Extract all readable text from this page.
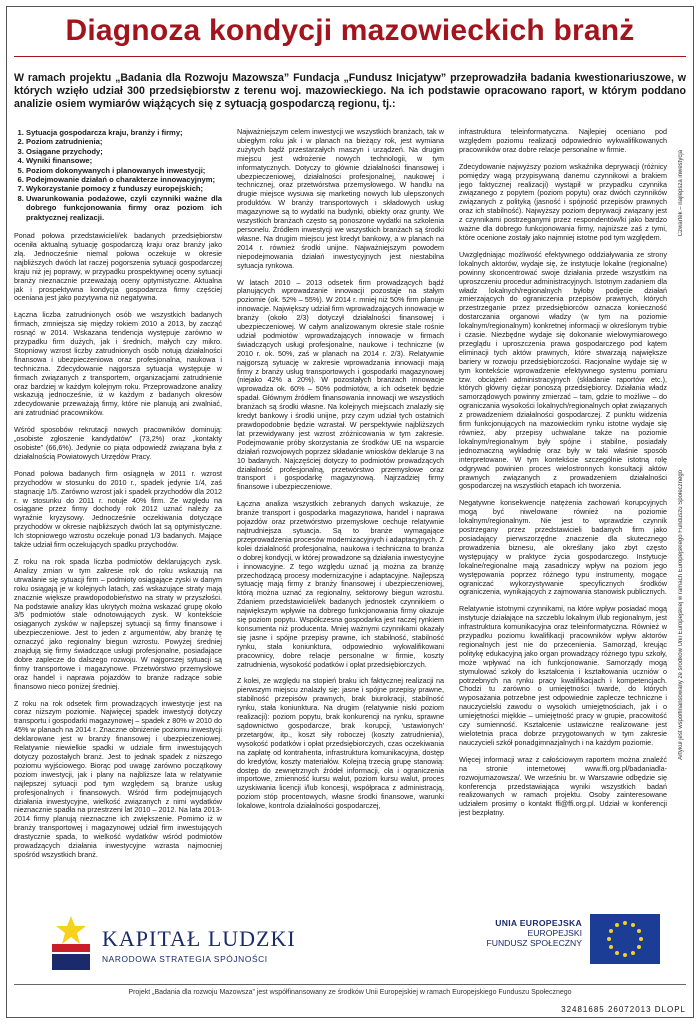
Diagnoza kondycji mazowieckich branż

W ramach projektu „Badania dla Rozwoju Mazowsza” Fundacja „Fundusz Inicjatyw” przeprowadziła badania kwestionariuszowe, w których wzięło udział 300 przedsiębiorstw z terenu woj. mazowieckiego. Na ich podstawie opracowano raport, w którym poddano analizie osiem wymiarów wiążących się z sytuacją gospodarczą regionu, tj.:

1. Sytuacja gospodarcza kraju, branży i firmy;
2. Poziom zatrudnienia;
3. Osiągane przychody;
4. Wyniki finansowe;
5. Poziom dokonywanych i planowanych inwestycji;
6. Podejmowanie działań o charakterze innowacyjnym;
7. Wykorzystanie pomocy z funduszy europejskich;
8. Uwarunkowania podażowe, czyli czynniki ważne dla dobrego funkcjonowania firmy oraz poziom ich praktycznej realizacji.

Ponad połowa przedstawicieli/ek badanych przedsiębiorstw oceniła aktualną sytuację gospodarczą kraju oraz branży jako złą. Jednocześnie niemal połowa oczekuje w okresie najbliższych dwóch lat raczej pogorszenia sytuacji gospodarczej kraju niż jej poprawy, w przypadku prospektywnej oceny sytuacji branży nieznacznie przeważają oceny optymistyczne. Aktualna jak i prospektywna kondycja gospodarcza firmy częściej oceniana jest jako pozytywna niż negatywna.

Łączna liczba zatrudnionych osób we wszystkich badanych firmach, zmniejsza się między rokiem 2010 a 2013, by zacząć rosnąć w 2014. Wskazana tendencja występuje zarówno w przypadku firm dużych, jak i średnich, małych czy mikro. Stopniowy wzrost liczby zatrudnionych osób notują działalności finansowa i ubezpieczeniowa oraz profesjonalna, naukowa i techniczna. Zdecydowanie najgorsza sytuacja występuje w firmach związanych z transportem, organizacjami zatrudnienie oraz bardziej w każdym kolejnym roku. Przeprowadzone analizy wskazują jednocześnie, iż w każdym z badanych okresów zdecydowanie przeważają firmy, które nie planują ani zwalniać, ani zatrudniać pracowników.

Wśród sposobów rekrutacji nowych pracowników dominują: „osobiste zgłoszenie kandydatów” (73,2%) oraz „kontakty osobiste” (66,6%). Jedynie co piąta odpowiedź związana była z działalnością Powiatowych Urzędów Pracy.

Ponad połowa badanych firm osiągnęła w 2011 r. wzrost przychodów w stosunku do 2010 r., spadek jedynie 1/4, zaś stagnację 1/5. Zarówno wzrost jak i spadek przychodów dla 2012 r. w stosunku do 2011 r. notuje 40% firm. Ze względu na osiągane przez firmy dochody rok 2012 uznać należy za wyraźnie kryzysowy. Jednocześnie oczekiwania dotyczące przychodów w okresie najbliższych dwóch lat są optymistyczne. Ich stopniowego wzrostu oczekuje ponad 1/3 badanych. Mające także udział firm oczekujących spadku przychodów.

Z roku na rok spada liczba podmiotów deklarujących zysk. Analizy zmian w tym zakresie rok do roku wskazują na utrwalanie się sytuacji firm – podmioty osiągające zyski w danym roku osiągają je w kolejnych latach, zaś wskazujące straty mają znacznie większe prawdopodobieństwo na straty w przyszłości. Na podstawie analizy klas ukrytych można wskazać grupę około 3/5 podmiotów stale odnotowujących zysk. W kontekście osiąganych zysków w najlepszej sytuacji są firmy finansowe i ubezpieczeniowe. Jest to jeden z argumentów, aby branżę tę oznaczyć jako regionalny biegun wzrostu. Powyżej średniej znajdują się firmy świadczące usługi profesjonalne, posiadające dobre zaplecze do dalszego rozwoju. W najgorszej sytuacji są firmy transportowe i magazynowe. Przetwórstwo przemysłowe oraz handel i naprawa pojazdów to branże radzące sobie finansowo nieco poniżej średniej.

Z roku na rok odsetek firm prowadzących inwestycje jest na coraz niższym poziomie. Najwięcej spadek inwestycji dotyczy transportu i gospodarki magazynowej – spadek z 80% w 2010 do 45% w planach na 2014 r. Znaczne obniżenie poziomu inwestycji deklarowane jest w branży finansowej i ubezpieczeniowej. Relatywnie niewielkie spadki w udziale firm inwestujących dotyczy pozostałych branż. Jest to jednak spadek z niższego poziomu wyjściowego. Biorąc pod uwagę zarówno początkowy poziom inwestycji, jak i plany na najbliższe lata w relatywnie najlepszej sytuacji pod tym względem są branże usług profesjonalnych i finansowych. Wśród firm podejmujących działania inwestycyjne, wielkość związanych z nimi wydatków nieznacznie spadła na przestrzeni lat 2010 – 2012. Na lata 2013-2014 firmy planują nieznaczne ich zwiększenie. Pomimo iż w branży transportowej i magazynowej udział firm inwestujących drastycznie spada, to wielkość wydatków wśród podmiotów prowadzących działania inwestycyjne wzrasta najmocniej spośród wszystkich branż.

Najważniejszym celem inwestycji we wszystkich branżach, tak w ubiegłym roku jak i w planach na bieżący rok, jest wymiana zużytych bądź przestarzałych maszyn i urządzeń. Na drugim miejscu jest wdrożenie nowych technologii, w tym informatycznych. Dotyczy to głównie działalności finansowej i ubezpieczeniowej, działalności profesjonalnej, naukowej i technicznej, oraz przetwórstwa przemysłowego. W handlu na drugie miejsce wysuwa się marketing nowych lub ulepszonych produktów. W branży transportowych i składowych usług magazynowe są to wydatki na budynki, obiekty oraz grunty. We wszystkich branżach często są ponoszone wydatki na szkolenia personelu. Źródłem inwestycji we wszystkich branżach są środki własne. Na drugim miejscu jest kredyt bankowy, a w planach na 2014 r. również środki unijne. Najważniejszym powodem niepodejmowania działań inwestycyjnych jest niestabilna sytuacja rynkowa.

W latach 2010 – 2013 odsetek firm prowadzących bądź planujących wprowadzanie innowacji pozostaje na stałym poziomie (ok. 52% – 55%). W 2014 r. mniej niż 50% firm planuje innowacje. Największy udział firm wprowadzających innowacje w branży (około 2/3) dotyczył działalności finansowej i ubezpieczeniowej. W całym analizowanym okresie stale rośnie udział podmiotów wprowadzających innowacje w firmach świadczących usługi profesjonalne, naukowe i techniczne (w 2010 r. ok. 50%, zaś w planach na 2014 r. 2/3). Relatywnie najgorszą sytuację w zakresie wprowadzania innowacji mają firmy z branży usług transportowych i gospodarki magazynowej (niejako 42% a 20%). W pozostałych branżach innowacje wprowadza ok. 60% – 50% podmiotów, a ich odsetek będzie spadał. Głównym źródłem finansowania innowacji we wszystkich branżach są środki własne. Na kolejnych miejscach znalazły się kredyt bankowy i środki unijne, przy czym udział tych ostatnich prawdopodobnie będzie wzrastał. W perspektywie najbliższych lat przewidywany jest wzrost zróżnicowania w tym zakresie. Podejmowanie próby skorzystania ze środków UE na wsparcie działań rozwojowych poprzez składanie wniosków deklaruje 3 na 10 badanych. Najczęściej dotyczy to podmiotów prowadzących działalność profesjonalną, przetwórstwo przemysłowe oraz transport i gospodarkę magazynową. Najrzadziej firmy finansowe i ubezpieczeniowe.

Łączna analiza wszystkich zebranych danych wskazuje, że branże transport i gospodarka magazynowa, handel i naprawa pojazdów oraz przetwórstwo przemysłowe cechuje relatywnie najtrudniejsza sytuacja. Są to branże wymagające przeprowadzenia procesów modernizacyjnych i adaptacyjnych. Z kolei działalność profesjonalna, naukowa i techniczna to branża o dobrej kondycji, w której prowadzone są działania inwestycyjne i innowacyjne. Z tego względu uznać ją można za branżę przechodzącą procesy modernizacyjne i adaptacyjne. Najlepszą sytuację mają firmy z branży finansowej i ubezpieczeniowej, którą można uznać za regionalny, sektorowy biegun wzrostu. Zdaniem przedstawicieli/ek badanych jednostek czynnikiem o największym wpływie na dobrego funkcjonowania firmy okazuje się poziom popytu. Współczesna gospodarka jest raczej rynkiem konsumenta niż producenta. Mniej ważnymi czynnikami okazały się jasne i spójne przepisy prawne, ich stabilność, stabilność rynku, stała koniunktura, odpowiednio wykwalifikowani pracownicy, dobre relacje personalne w firmie, koszty zatrudnienia, wysokość podatków i opłat przedsiębiorczych.

Z kolei, ze względu na stopień braku ich faktycznej realizacji na pierwszym miejscu znalazły się: jasne i spójne przepisy prawne, stabilność przepisów prawnych, brak biurokracji, stabilność rynku, stała koniunktura. Na drugim (relatywnie niski poziom realizacji): poziom popytu, brak konkurencji na rynku, sprawne sądownictwo gospodarcze, brak korupcji, 'ustawionych' przetargów, itp., koszt siły roboczej (koszty zatrudnienia), wysokość podatków i opłat przedsiębiorczych, czas oczekiwania na zapłatę od kontrahenta, infrastruktura komunikacyjna, dostęp do kredytów, koszty materiałów. Kolejną trzecią grupę stanowią: dostęp do zewnętrznych źródeł informacji, cła i ograniczenia importowe, zmienność kursu walut, poziom kursu walut, proces uzyskiwania licencji i/lub koncesji, współpraca z administracją, poziom stóp procentowych, własne środki finansowe, warunki lokalowe, kontrola działalności gospodarczej,

infrastruktura teleinformatyczna. Najlepiej oceniano pod względem poziomu realizacji odpowiednio wykwalifikowanych pracowników oraz dobre relacje personalne w firmie.

Zdecydowanie najwyższy poziom wskaźnika deprywacji (różnicy pomiędzy wagą przypisywaną danemu czynnikowi a brakiem jego faktycznej realizacji) wystąpił w przypadku czynnika związanego z popytem (poziom popytu) oraz dwóch czynników związanych z polityką (jasność i spójność przepisów prawnych oraz ich stabilność). Najwyższy poziom deprywacji związany jest z czynnikami postrzeganymi przez respondentów/ki jako bardzo ważne dla dobrego funkcjonowania firmy, najniższe zaś z tymi, które ocenione zostały jako najmniej istotne pod tym względem.

Uwzględniając możliwość efektywnego oddziaływania ze strony lokalnych aktorów, wydaje się, że instytucje lokalne (regionalne) powinny skoncentrować swoje działania przede wszystkim na uproszczeniu procedur administracyjnych. Istotnym zadaniem dla władz lokalnych/regionalnych byłoby podjęcie działań zmierzających do ograniczenia przepisów prawnych, których przestrzeganie przez przedsiębiorców oznacza konieczność dostarczania organowi władzy (w tym na poziomie lokalnym/regionalnym) konkretnej informacji w określonym trybie i czasie. Niezbędne wydaje się dokonanie wielowymiarowego przeglądu i uproszczenia prawa gospodarczego pod kątem eliminacji tych aktów prawnych, które stwarzają największe bariery w rozwoju przedsiębiorczości. Racjonalne wydaje się w tym kontekście wprowadzenie efektywnego systemu pomiaru tzw. obciążeń administracyjnych (składanie raportów etc.), których główny ciężar ponoszą przedsiębiorcy. Działania władz samorządowych powinny zmierzać – tam, gdzie to możliwe – do ograniczania wysokości lokalnych/regionalnych opłat związanych z prowadzeniem działalności gospodarczej. Z punktu widzenia firm funkcjonujących na mazowieckim rynku istotne wydaje się również, aby przepisy uchwalane także na poziomie lokalnym/regionalnym były spójne i stabilne, posiadały jednoznaczną wykładnię oraz były w taki właśnie sposób interpretowane. W tym kontekście szczególnie istotną rolę odgrywać powinien proces wielostronnych konsultacji aktów prawnych związanych z prowadzeniem działalności gospodarczej na wszystkich etapach ich tworzenia.

Negatywne konsekwencje natężenia zachowań korupcyjnych mogą być niwelowane również na poziomie lokalnym/regionalnym. Nie jest to wprawdzie czynnik postrzegany przez przedstawicieli badanych firm jako posiadający pierwszorzędne znaczenie dla skutecznego prowadzenia biznesu, ale określany jako zbyt często występujący w praktyce życia gospodarczego. Instytucje lokalne/regionalne mają zasadniczy wpływ na poziom jego występowania poprzez różnego typu instrumenty, mogące ograniczać wykorzystywanie specyficznych środków ograniczenia, wynikających z zajmowania stanowisk publicznych.

Relatywnie istotnymi czynnikami, na które wpływ posiadać mogą instytucje działające na szczeblu lokalnym i/lub regionalnym, jest infrastruktura komunikacyjna oraz teleinformatyczna. Również w przypadku poziomu kwalifikacji pracowników wpływ aktorów regionalnych jest nie do przecenienia. Samorząd, kreując politykę edukacyjną jako organ prowadzący różnego typu szkoły, może wpływać na ich funkcjonowanie. Samorządy mogą stymulować szkoły do kształcenia i kształtowania uczniów o potrzebnych na rynku pracy kwalifikacjach i kompetencjach. Chodzi tu zarówno o umiejętności twarde, do których wyposażania potrzebne jest odpowiednie zaplecze techniczne i nauczycielski zawodu o wysokich umiejętnościach, jak i o umiejętności miękkie – umiejętność pracy w grupie, pracowitość czy sumienność. Kształcenie ustawiczne realizowane jest wielotetnia praca dobrze przygotowanych w tym zakresie nauczycieli szkół ponadgimnazjalnych i na każdym poziomie.

Więcej informacji wraz z całościowym raportem można znaleźć na stronie internetowej www.ffi.org.pl/badaniadla-rozwojumazowsza/. We wrześniu br. w Warszawie odbędzie się konferencja przedstawiająca wyniki wszystkich badań realizowanych w ramach projektu. Osoby zainteresowane udziałem prosimy o kontakt ffi@ffi.org.pl. Udział w konferencji jest bezpłatny.

Czwartek – najlepsza inwestycja
Artykuł jest współfinansowany ze środków Unii Europejskiej w ramach Europejskiego Funduszu Społecznego
KAPITAŁ LUDZKI
NARODOWA STRATEGIA SPÓJNOŚCI
UNIA EUROPEJSKA
EUROPEJSKI
FUNDUSZ SPOŁECZNY
Projekt „Badania dla rozwoju Mazowsza” jest współfinansowany ze środków Unii Europejskiej w ramach Europejskiego Funduszu Społecznego
32481685 26072013 DLOPL
